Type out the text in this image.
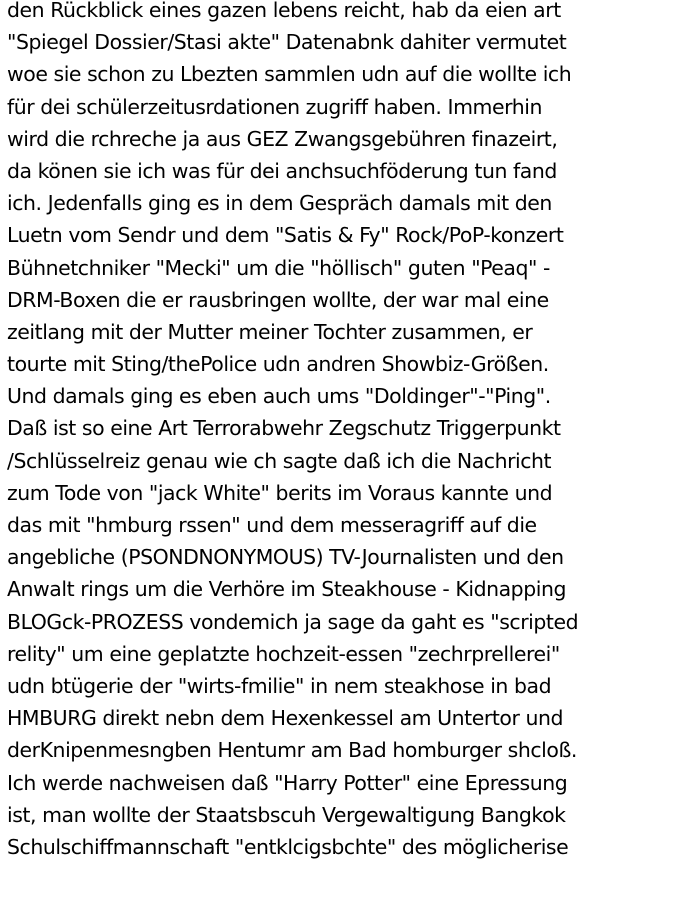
den Rückblick eines gazen lebens reicht, hab da eien art
"Spiegel Dossier/Stasi akte" Datenabnk dahiter vermutet
woe sie schon zu Lbezten sammlen udn auf die wollte ich
für dei schülerzeitusrdationen zugriff haben. Immerhin
wird die rchreche ja aus GEZ Zwangsgebühren finazeirt,
da könen sie ich was für dei anchsuchföderung tun fand
ich. Jedenfalls ging es in dem Gespräch damals mit den
Luetn vom Sendr und dem "Satis & Fy" Rock/PoP-konzert
Bühnetchniker "Mecki" um die "höllisch" guten "Peaq" -
DRM-Boxen die er rausbringen wollte, der war mal eine
zeitlang mit der Mutter meiner Tochter zusammen, er
tourte mit Sting/thePolice udn andren Showbiz-Größen.
Und damals ging es eben auch ums "Doldinger"-"Ping".
Daß ist so eine Art Terrorabwehr Zegschutz Triggerpunkt
/Schlüsselreiz genau wie ch sagte daß ich die Nachricht
zum Tode von "jack White" berits im Voraus kannte und
das mit "hmburg rssen" und dem messeragriff auf die
angebliche (PSONDNONYMOUS) TV-Journalisten und den
Anwalt rings um die Verhöre im Steakhouse - Kidnapping
BLOGck-PROZESS vondemich ja sage da gaht es "scripted
relity" um eine geplatzte hochzeit-essen "zechrprellerei"
udn btügerie der "wirts-fmilie" in nem steakhose in bad
HMBURG direkt nebn dem Hexenkessel am Untertor und
derKnipenmesngben Hentumr am Bad homburger shcloß.
Ich werde nachweisen daß "Harry Potter" eine Epressung
ist, man wollte der Staatsbscuh Vergewaltigung Bangkok
Schulschiffmannschaft "entklcigsbchte" des möglicherise
